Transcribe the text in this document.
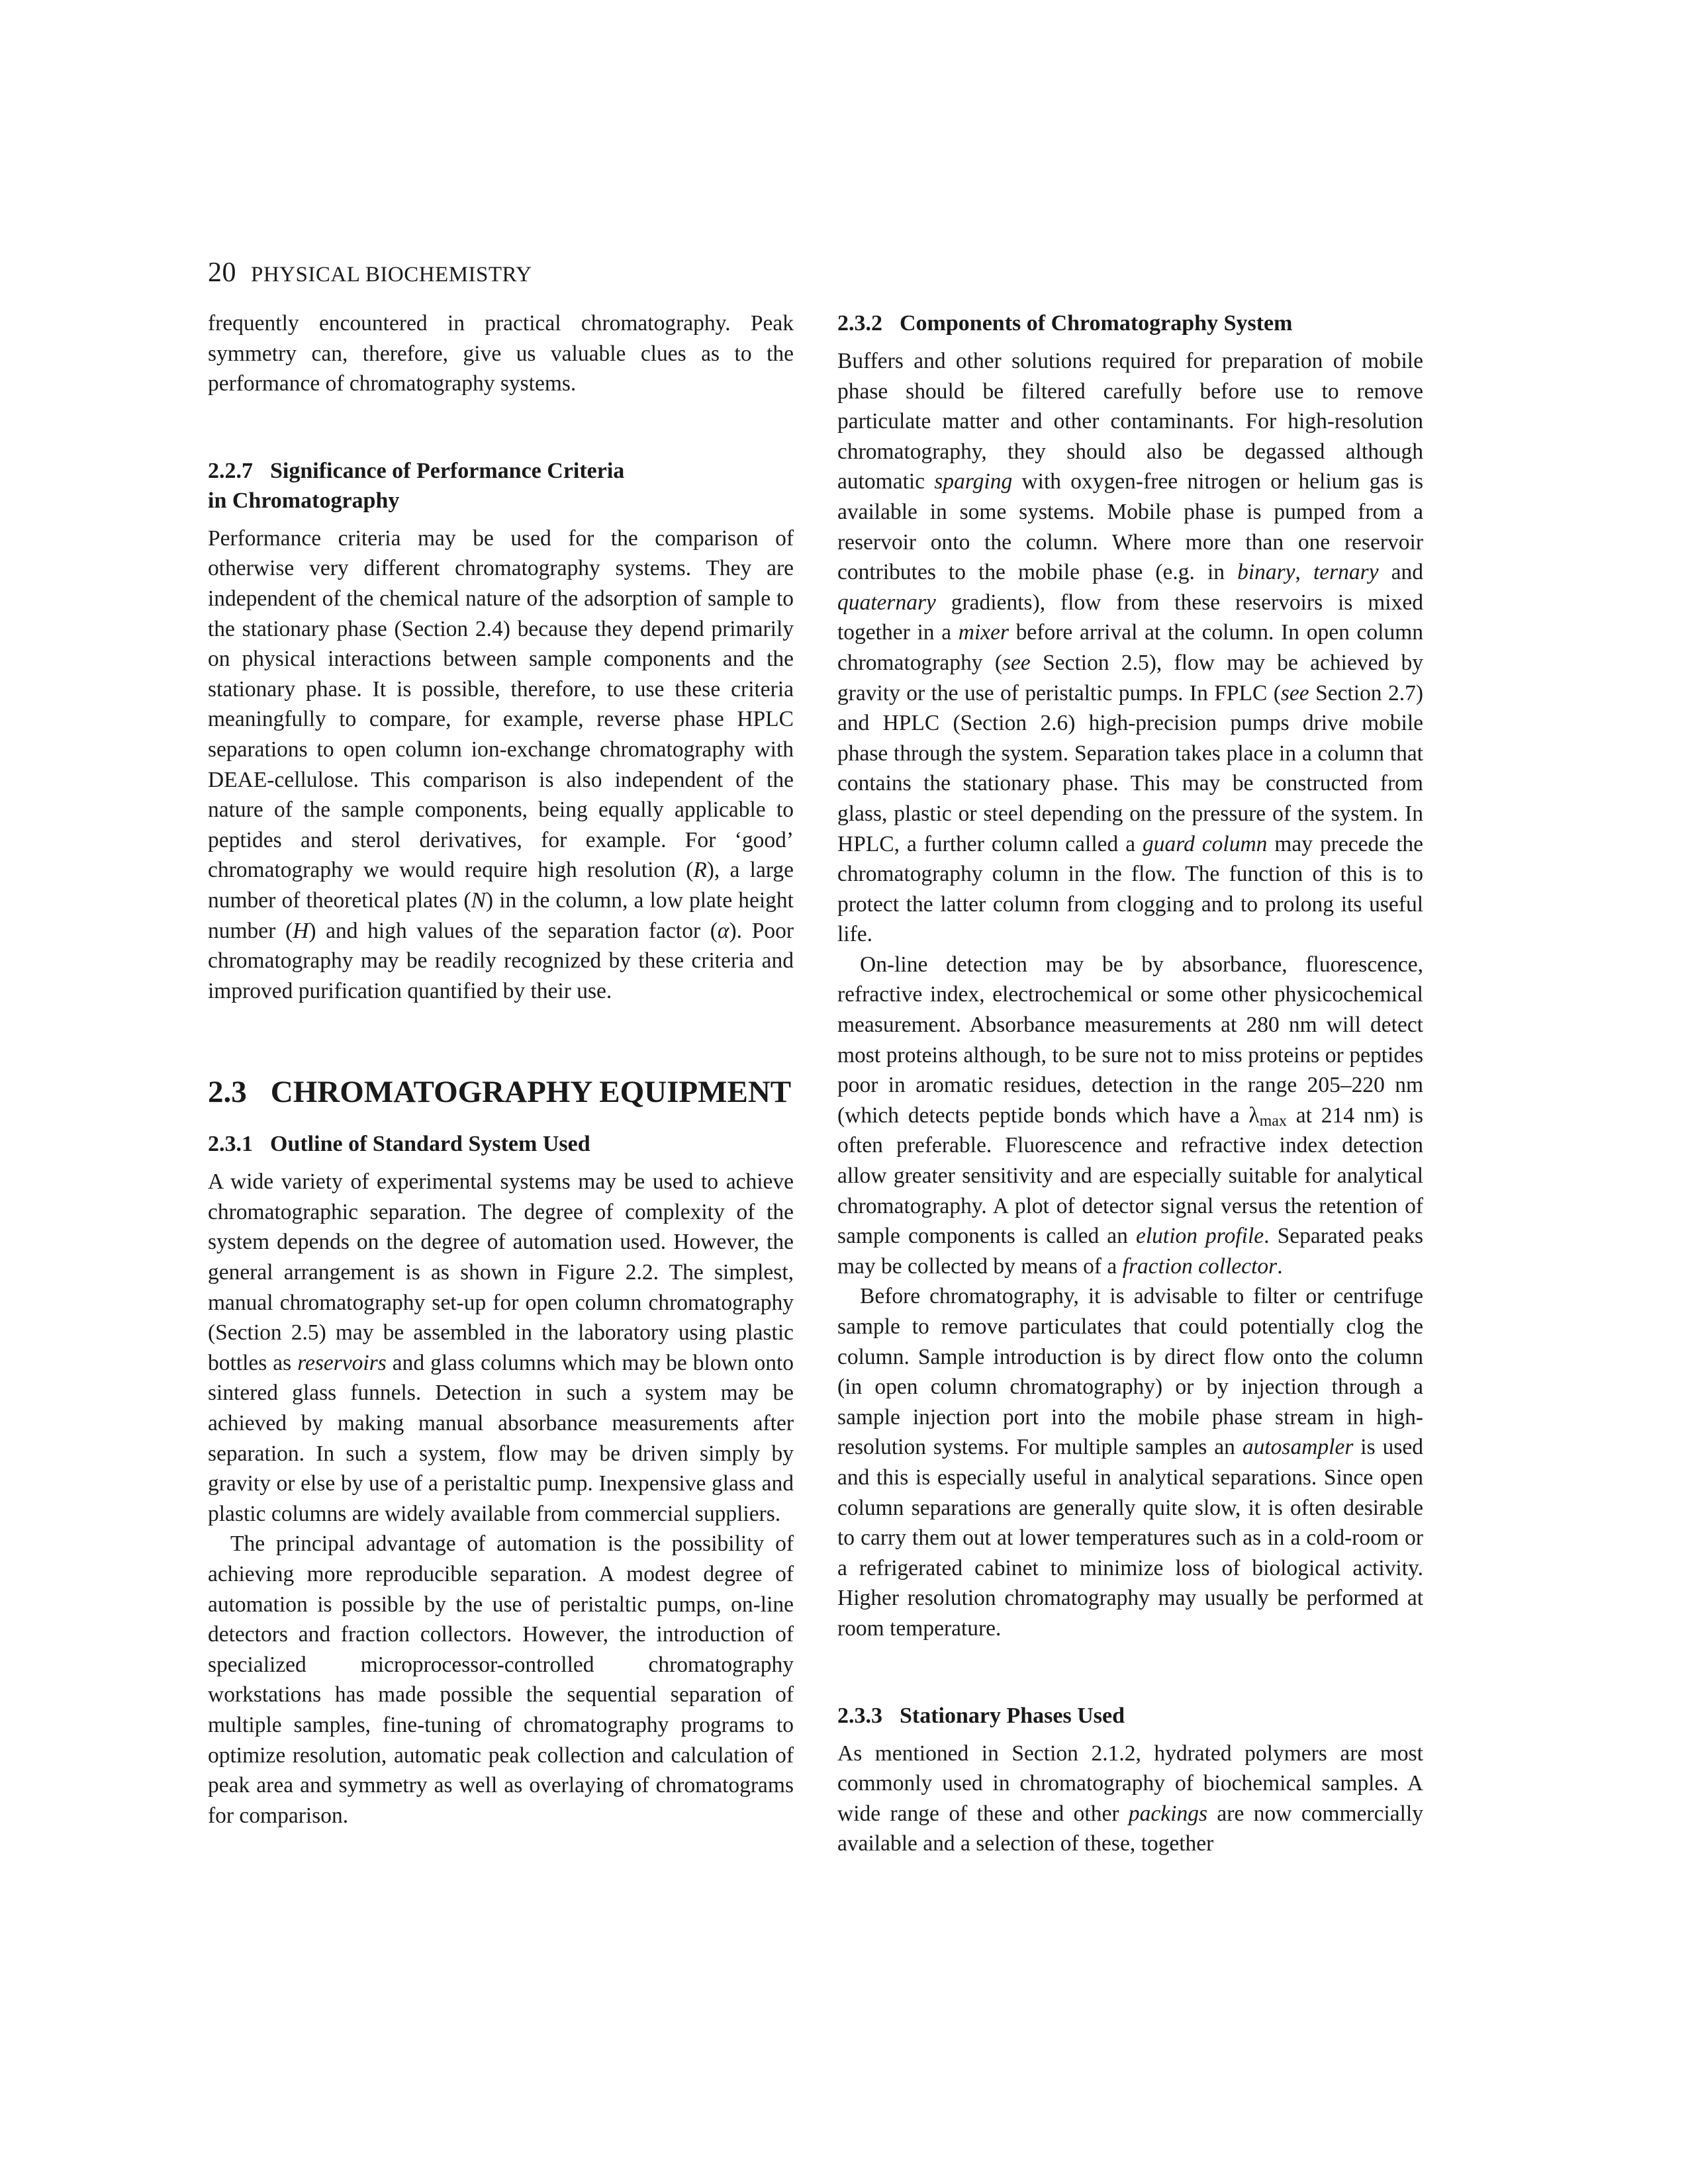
20 PHYSICAL BIOCHEMISTRY

frequently encountered in practical chromatography. Peak symmetry can, therefore, give us valuable clues as to the performance of chromatography systems.

2.2.7 Significance of Performance Criteria
in Chromatography

Performance criteria may be used for the comparison of otherwise very different chromatography systems. They are independent of the chemical nature of the adsorption of sample to the stationary phase (Section 2.4) because they depend primarily on physical interactions between sample components and the stationary phase. It is possible, therefore, to use these criteria meaningfully to compare, for example, reverse phase HPLC separations to open column ion-exchange chromatography with DEAE-cellulose. This comparison is also independent of the nature of the sample components, being equally applicable to peptides and sterol derivatives, for example. For ‘good’ chromatography we would require high resolution (R), a large number of theoretical plates (N) in the column, a low plate height number (H) and high values of the separation factor (α). Poor chromatography may be readily recognized by these criteria and improved purification quantified by their use.

2.3 CHROMATOGRAPHY EQUIPMENT
2.3.1 Outline of Standard System Used

A wide variety of experimental systems may be used to achieve chromatographic separation. The degree of complexity of the system depends on the degree of automation used. However, the general arrangement is as shown in Figure 2.2. The simplest, manual chromatography set-up for open column chromatography (Section 2.5) may be assembled in the laboratory using plastic bottles as reservoirs and glass columns which may be blown onto sintered glass funnels. Detection in such a system may be achieved by making manual absorbance measurements after separation. In such a system, flow may be driven simply by gravity or else by use of a peristaltic pump. Inexpensive glass and plastic columns are widely available from commercial suppliers.

The principal advantage of automation is the possibility of achieving more reproducible separation. A modest degree of automation is possible by the use of peristaltic pumps, on-line detectors and fraction collectors. However, the introduction of specialized microprocessor-controlled chromatography workstations has made possible the sequential separation of multiple samples, fine-tuning of chromatography programs to optimize resolution, automatic peak collection and calculation of peak area and symmetry as well as overlaying of chromatograms for comparison.

2.3.2 Components of Chromatography System

Buffers and other solutions required for preparation of mobile phase should be filtered carefully before use to remove particulate matter and other contaminants. For high-resolution chromatography, they should also be degassed although automatic sparging with oxygen-free nitrogen or helium gas is available in some systems. Mobile phase is pumped from a reservoir onto the column. Where more than one reservoir contributes to the mobile phase (e.g. in binary, ternary and quaternary gradients), flow from these reservoirs is mixed together in a mixer before arrival at the column. In open column chromatography (see Section 2.5), flow may be achieved by gravity or the use of peristaltic pumps. In FPLC (see Section 2.7) and HPLC (Section 2.6) high-precision pumps drive mobile phase through the system. Separation takes place in a column that contains the stationary phase. This may be constructed from glass, plastic or steel depending on the pressure of the system. In HPLC, a further column called a guard column may precede the chromatography column in the flow. The function of this is to protect the latter column from clogging and to prolong its useful life.

On-line detection may be by absorbance, fluorescence, refractive index, electrochemical or some other physicochemical measurement. Absorbance measurements at 280 nm will detect most proteins although, to be sure not to miss proteins or peptides poor in aromatic residues, detection in the range 205–220 nm (which detects peptide bonds which have a $\lambda_{max}$ at 214 nm) is often preferable. Fluorescence and refractive index detection allow greater sensitivity and are especially suitable for analytical chromatography. A plot of detector signal versus the retention of sample components is called an elution profile. Separated peaks may be collected by means of a fraction collector.

Before chromatography, it is advisable to filter or centrifuge sample to remove particulates that could potentially clog the column. Sample introduction is by direct flow onto the column (in open column chromatography) or by injection through a sample injection port into the mobile phase stream in high-resolution systems. For multiple samples an autosampler is used and this is especially useful in analytical separations. Since open column separations are generally quite slow, it is often desirable to carry them out at lower temperatures such as in a cold-room or a refrigerated cabinet to minimize loss of biological activity. Higher resolution chromatography may usually be performed at room temperature.

2.3.3 Stationary Phases Used

As mentioned in Section 2.1.2, hydrated polymers are most commonly used in chromatography of biochemical samples. A wide range of these and other packings are now commercially available and a selection of these, together
